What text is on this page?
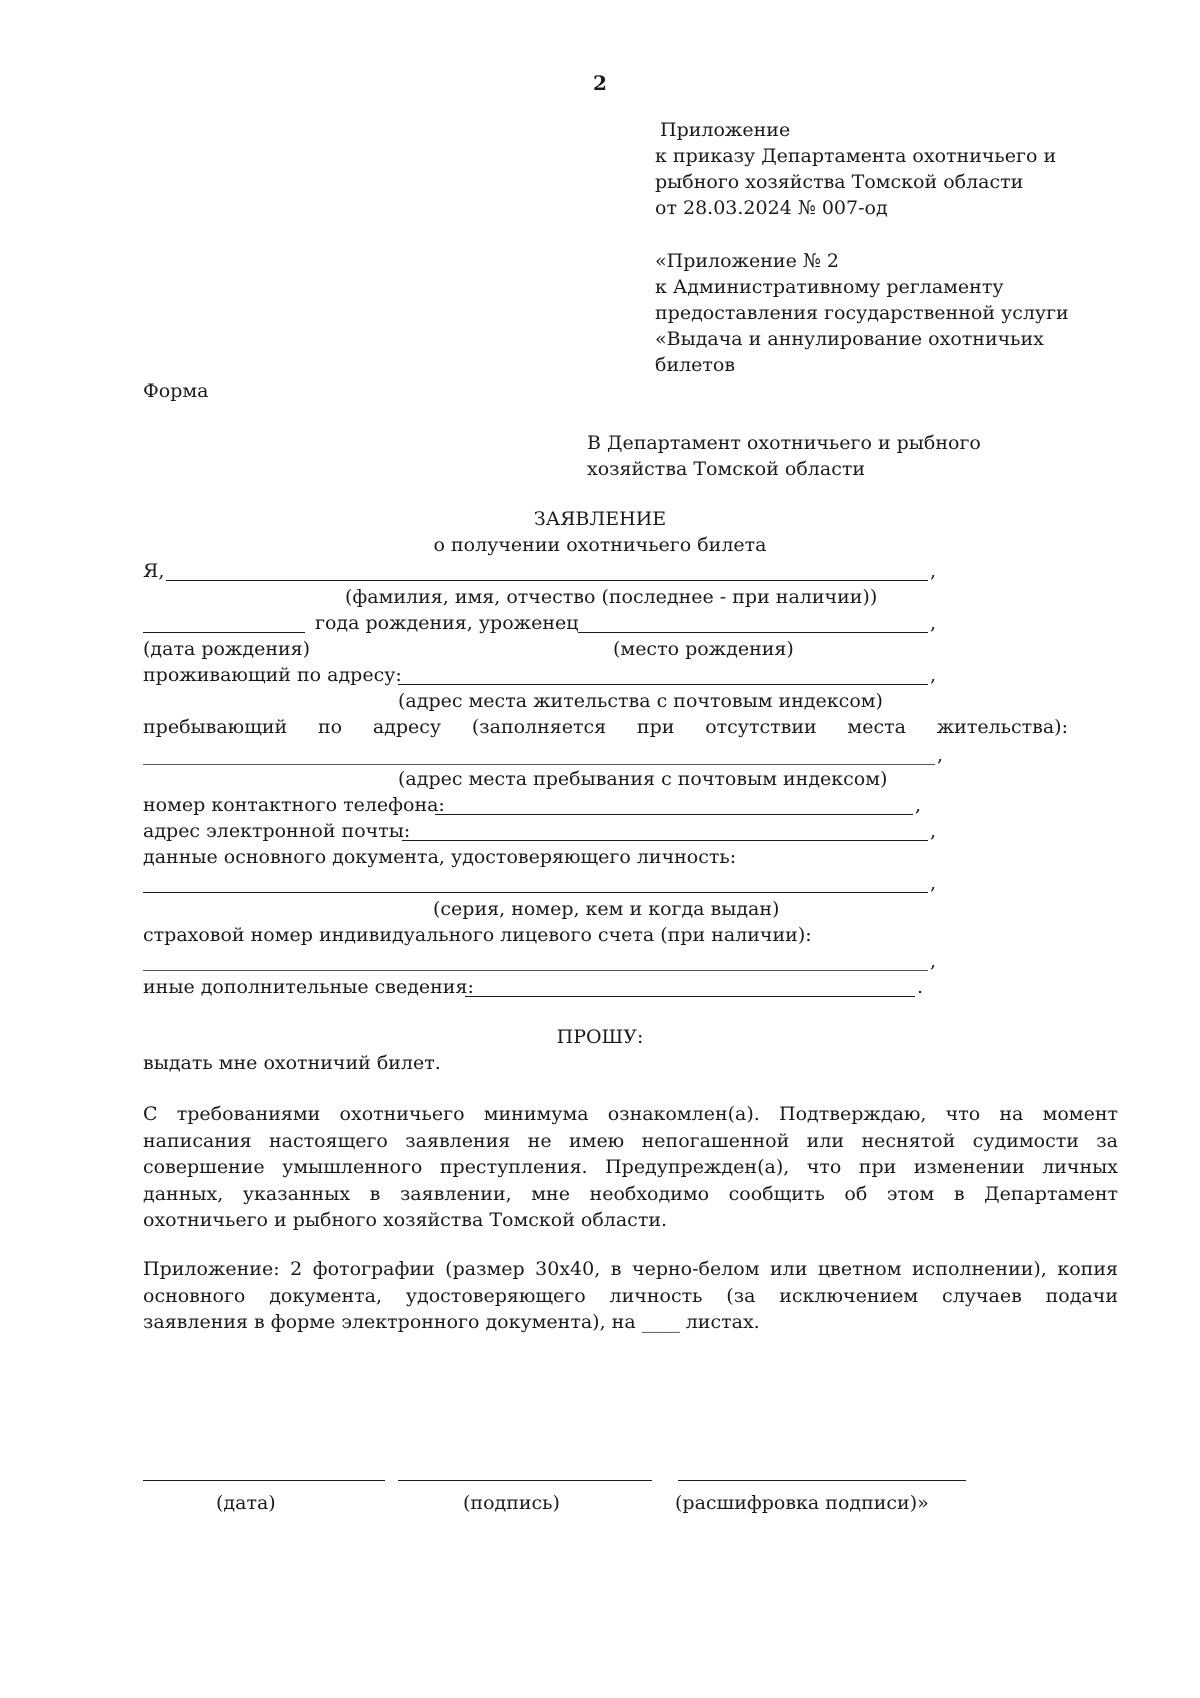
2
Приложение
к приказу Департамента охотничьего и
рыбного хозяйства Томской области
от 28.03.2024 № 007-од
«Приложение № 2
к Административному регламенту
предоставления государственной услуги
«Выдача и аннулирование охотничьих
билетов
Форма
В Департамент охотничьего и рыбного
хозяйства Томской области
ЗАЯВЛЕНИЕ
о получении охотничьего билета
Я,	,
(фамилия, имя, отчество (последнее - при наличии))
года рождения, уроженец	,
(дата рождения)	(место рождения)
проживающий по адресу:	,
(адрес места жительства с почтовым индексом)
пребывающий по адресу (заполняется при отсутствии места жительства):
,
(адрес места пребывания с почтовым индексом)
номер контактного телефона:	,
адрес электронной почты:	,
данные основного документа, удостоверяющего личность:
,
(серия, номер, кем и когда выдан)
страховой номер индивидуального лицевого счета (при наличии):
,
иные дополнительные сведения:	.
ПРОШУ:
выдать мне охотничий билет.
С требованиями охотничьего минимума ознакомлен(а). Подтверждаю, что на момент
написания настоящего заявления не имею непогашенной или неснятой судимости за
совершение умышленного преступления. Предупрежден(а), что при изменении личных
данных, указанных в заявлении, мне необходимо сообщить об этом в Департамент
охотничьего и рыбного хозяйства Томской области.
Приложение: 2 фотографии (размер 30х40, в черно-белом или цветном исполнении), копия
основного документа, удостоверяющего личность (за исключением случаев подачи
заявления в форме электронного документа), на ____ листах.
(дата)	(подпись)	(расшифровка подписи)»
